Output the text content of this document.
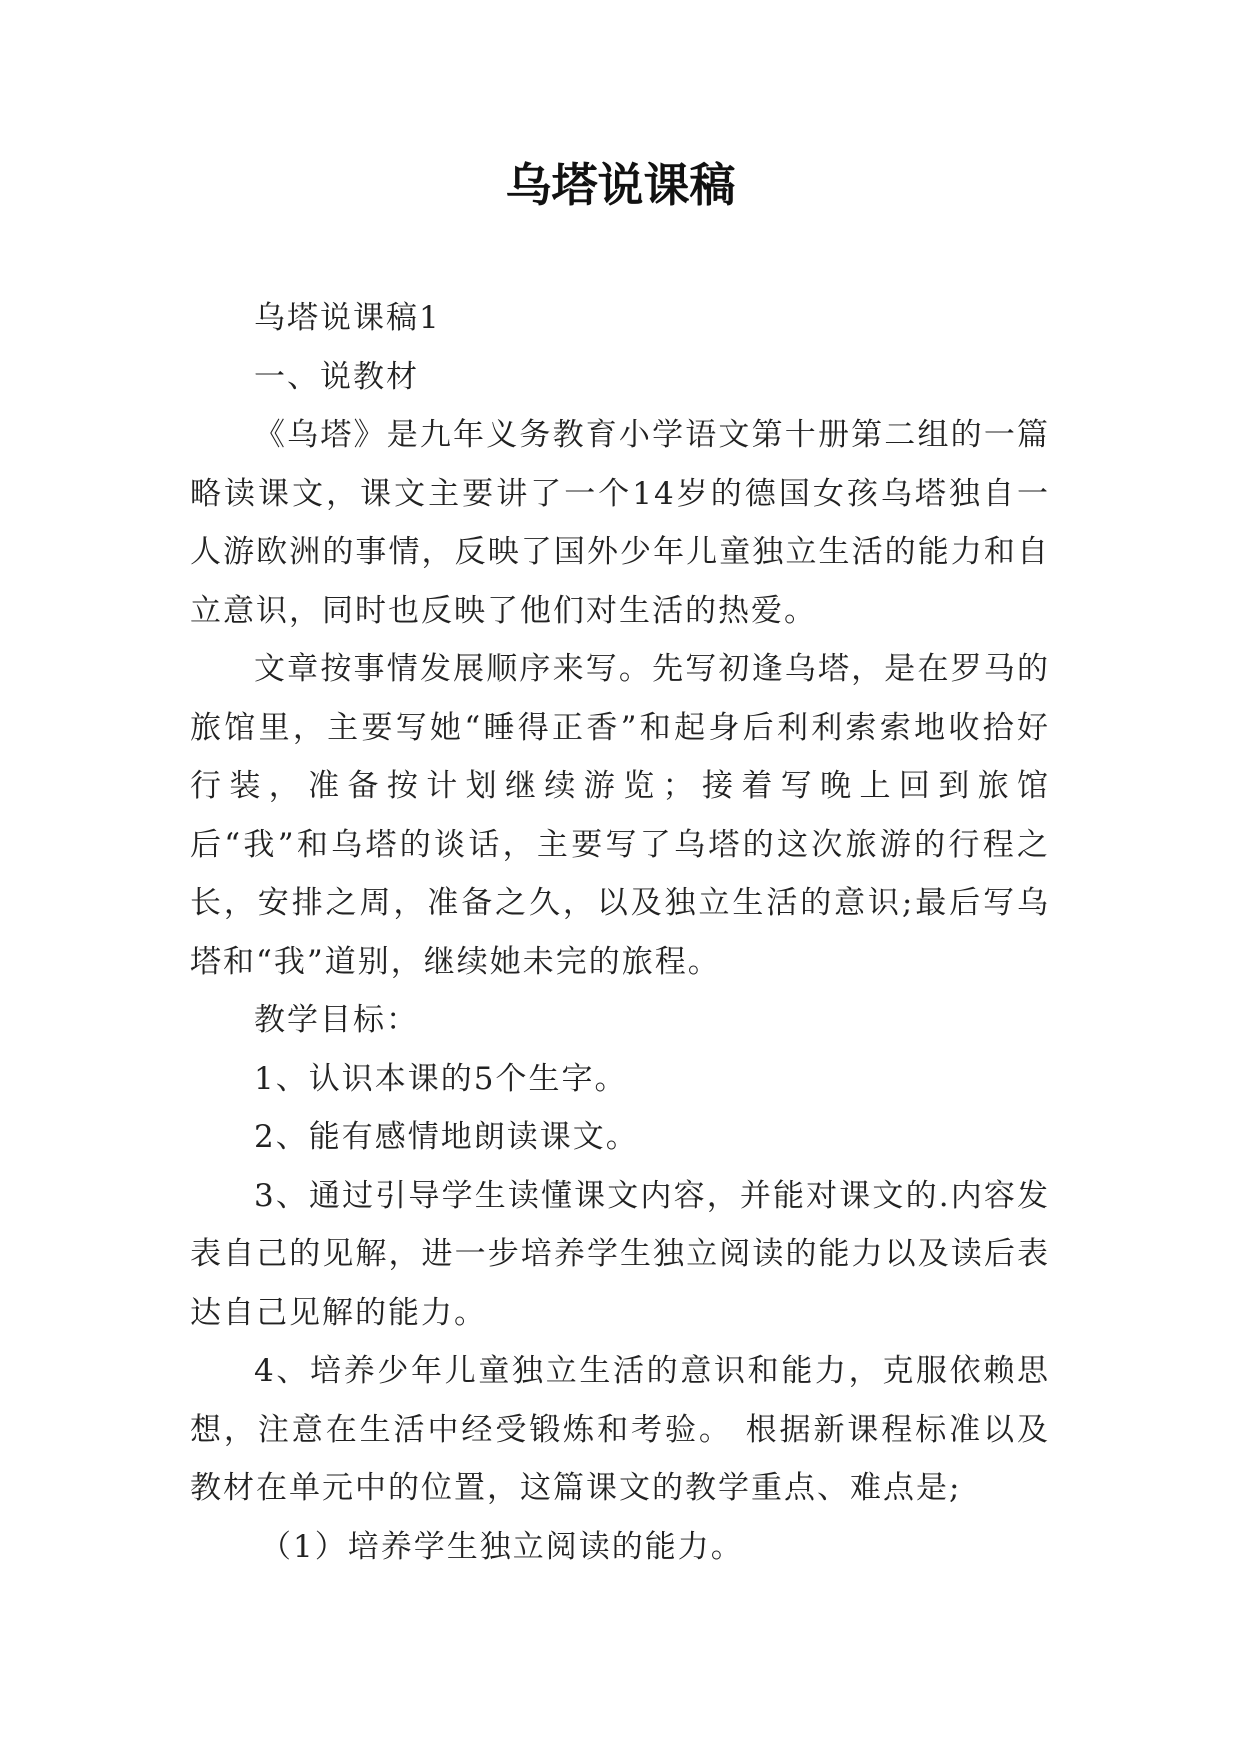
乌塔说课稿

乌塔说课稿1

一、说教材

《乌塔》是九年义务教育小学语文第十册第二组的一篇略读课文，课文主要讲了一个14岁的德国女孩乌塔独自一人游欧洲的事情，反映了国外少年儿童独立生活的能力和自立意识，同时也反映了他们对生活的热爱。

文章按事情发展顺序来写。先写初逢乌塔，是在罗马的旅馆里，主要写她“睡得正香”和起身后利利索索地收拾好行装，准备按计划继续游览；接着写晚上回到旅馆后“我”和乌塔的谈话，主要写了乌塔的这次旅游的行程之长，安排之周，准备之久，以及独立生活的意识;最后写乌塔和“我”道别，继续她未完的旅程。

教学目标：

1、认识本课的5个生字。

2、能有感情地朗读课文。

3、通过引导学生读懂课文内容，并能对课文的.内容发表自己的见解，进一步培养学生独立阅读的能力以及读后表达自己见解的能力。

4、培养少年儿童独立生活的意识和能力，克服依赖思想，注意在生活中经受锻炼和考验。 根据新课程标准以及教材在单元中的位置，这篇课文的教学重点、难点是;

（1）培养学生独立阅读的能力。
